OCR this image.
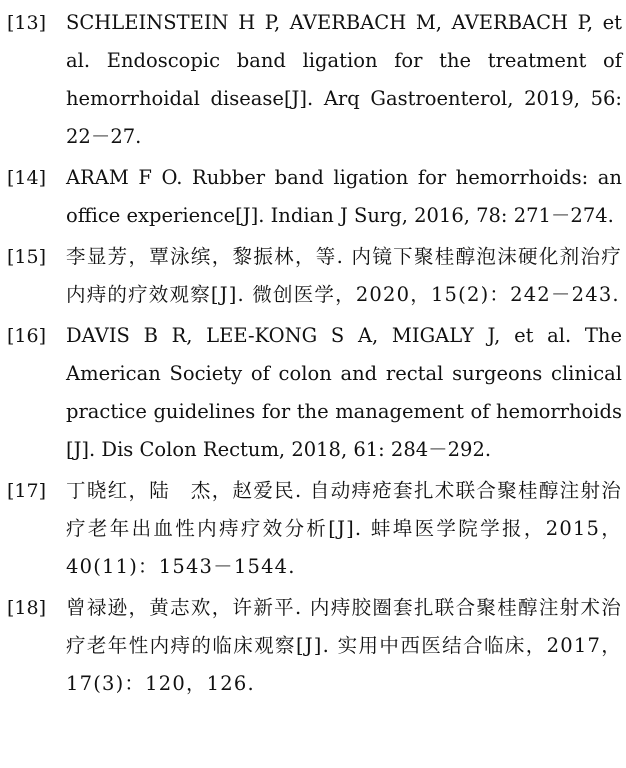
[13] SCHLEINSTEIN H P, AVERBACH M, AVERBACH P, et al. Endoscopic band ligation for the treatment of hemorrhoidal disease[J]. Arq Gastroenterol, 2019, 56: 22－27.
[14] ARAM F O. Rubber band ligation for hemorrhoids: an office experience[J]. Indian J Surg, 2016, 78: 271－274.
[15] 李显芳，覃泳缤，黎振林，等. 内镜下聚桂醇泡沫硬化剂治疗内痔的疗效观察[J]. 微创医学，2020，15(2)：242－243.
[16] DAVIS B R, LEE-KONG S A, MIGALY J, et al. The American Society of colon and rectal surgeons clinical practice guidelines for the management of hemorrhoids [J]. Dis Colon Rectum, 2018, 61: 284－292.
[17] 丁晓红，陆　杰，赵爱民. 自动痔疮套扎术联合聚桂醇注射治疗老年出血性内痔疗效分析[J]. 蚌埠医学院学报，2015，40(11)：1543－1544.
[18] 曾禄逊，黄志欢，许新平. 内痔胶圈套扎联合聚桂醇注射术治疗老年性内痔的临床观察[J]. 实用中西医结合临床，2017，17(3)：120，126.
